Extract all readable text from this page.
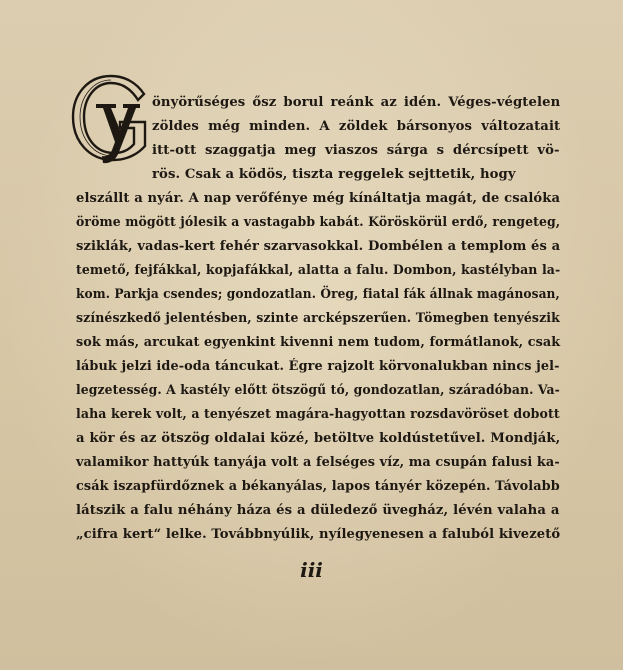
önyörűséges ősz borul reánk az idén. Véges-végtelen
zöldes még minden. A zöldek bársonyos változatait
itt-ott szaggatja meg viaszos sárga s dércsípett vö-
rös. Csak a ködös, tiszta reggelek sejttetik, hogy
elszállt a nyár. A nap verőfénye még kínáltatja magát, de csalóka
öröme mögött jólesik a vastagabb kabát. Köröskörül erdő, rengeteg,
sziklák, vadas-kert fehér szarvasokkal. Dombélen a templom és a
temető, fejfákkal, kopjafákkal, alatta a falu. Dombon, kastélyban la-
kom. Parkja csendes; gondozatlan. Öreg, fiatal fák állnak magánosan,
színészkedő jelentésben, szinte arcképszerűen. Tömegben tenyészik
sok más, arcukat egyenkint kivenni nem tudom, formátlanok, csak
lábuk jelzi ide-oda táncukat. Égre rajzolt körvonalukban nincs jel-
legzetesség. A kastély előtt ötszögű tó, gondozatlan, száradóban. Va-
laha kerek volt, a tenyészet magára-hagyottan rozsdavöröset dobott
a kör és az ötszög oldalai közé, betöltve koldústetűvel. Mondják,
valamikor hattyúk tanyája volt a felséges víz, ma csupán falusi ka-
csák iszapfürdőznek a békanyálas, lapos tányér közepén. Távolabb
látszik a falu néhány háza és a düledező üvegház, lévén valaha a
„cifra kert“ lelke. Továbbnyúlik, nyílegyenesen a faluból kivezető
iii
